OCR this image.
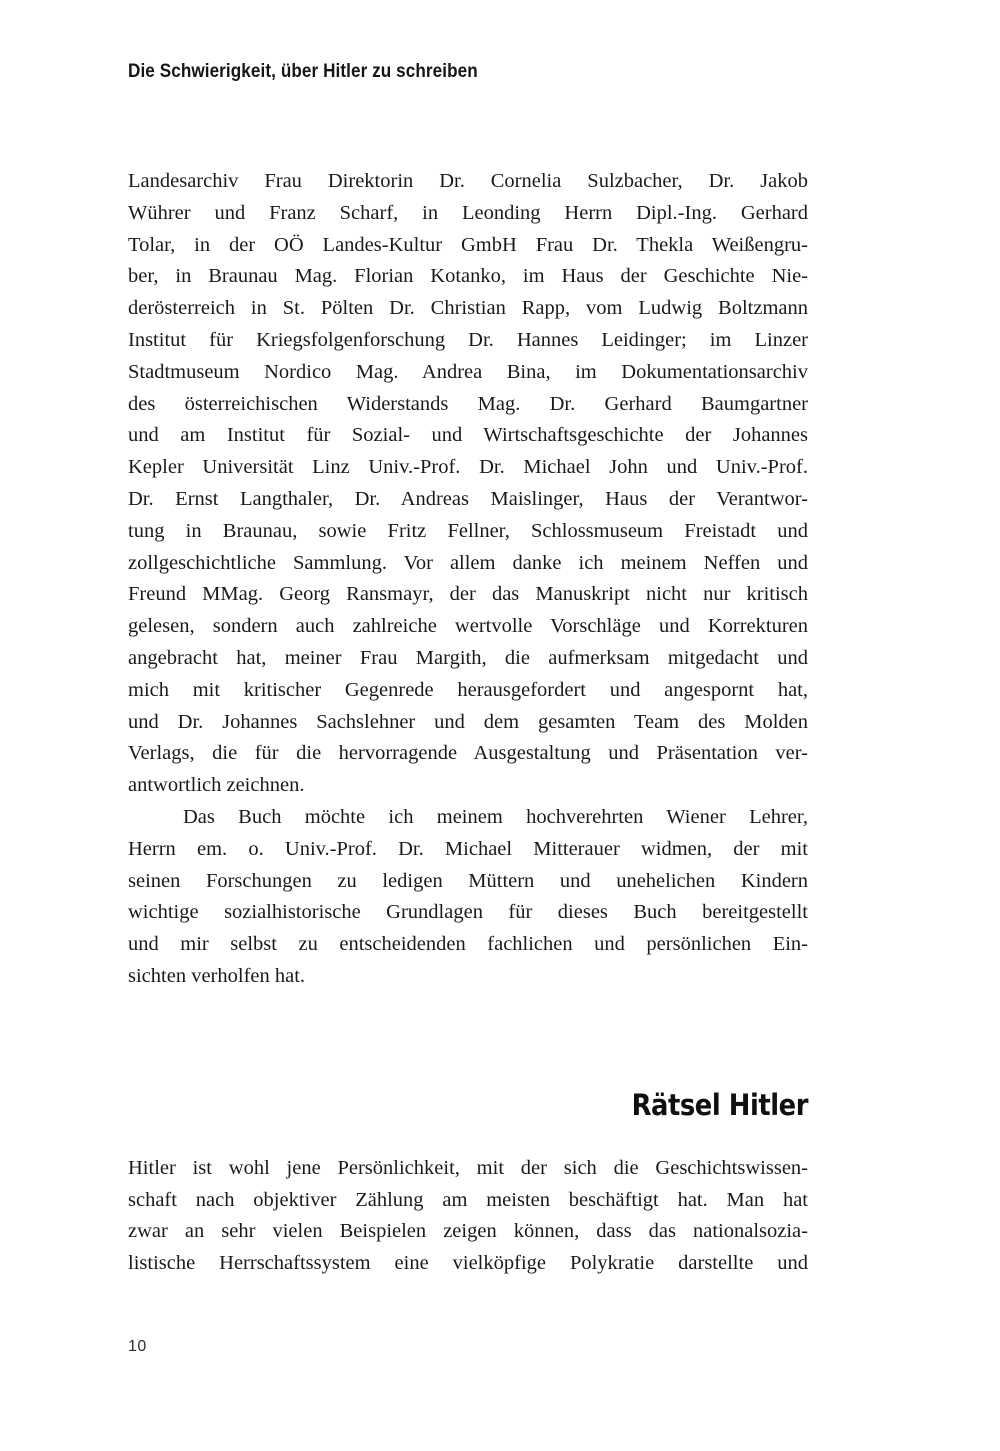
Die Schwierigkeit, über Hitler zu schreiben
Landesarchiv Frau Direktorin Dr. Cornelia Sulzbacher, Dr. Jakob
Wührer und Franz Scharf, in Leonding Herrn Dipl.-Ing. Gerhard
Tolar, in der OÖ Landes-Kultur GmbH Frau Dr. Thekla Weißengru-
ber, in Braunau Mag. Florian Kotanko, im Haus der Geschichte Nie-
derösterreich in St. Pölten Dr. Christian Rapp, vom Ludwig Boltzmann
Institut für Kriegsfolgenforschung Dr. Hannes Leidinger; im Linzer
Stadtmuseum Nordico Mag. Andrea Bina, im Dokumentationsarchiv
des österreichischen Widerstands Mag. Dr. Gerhard Baumgartner
und am Institut für Sozial- und Wirtschaftsgeschichte der Johannes
Kepler Universität Linz Univ.-Prof. Dr. Michael John und Univ.-Prof.
Dr. Ernst Langthaler, Dr. Andreas Maislinger, Haus der Verantwor-
tung in Braunau, sowie Fritz Fellner, Schlossmuseum Freistadt und
zollgeschichtliche Sammlung. Vor allem danke ich meinem Neffen und
Freund MMag. Georg Ransmayr, der das Manuskript nicht nur kritisch
gelesen, sondern auch zahlreiche wertvolle Vorschläge und Korrekturen
angebracht hat, meiner Frau Margith, die aufmerksam mitgedacht und
mich mit kritischer Gegenrede herausgefordert und angespornt hat,
und Dr. Johannes Sachslehner und dem gesamten Team des Molden
Verlags, die für die hervorragende Ausgestaltung und Präsentation ver-
antwortlich zeichnen.
Das Buch möchte ich meinem hochverehrten Wiener Lehrer,
Herrn em. o. Univ.-Prof. Dr. Michael Mitterauer widmen, der mit
seinen Forschungen zu ledigen Müttern und unehelichen Kindern
wichtige sozialhistorische Grundlagen für dieses Buch bereitgestellt
und mir selbst zu entscheidenden fachlichen und persönlichen Ein-
sichten verholfen hat.
Rätsel Hitler
Hitler ist wohl jene Persönlichkeit, mit der sich die Geschichtswissen-
schaft nach objektiver Zählung am meisten beschäftigt hat. Man hat
zwar an sehr vielen Beispielen zeigen können, dass das nationalsozia-
listische Herrschaftssystem eine vielköpfige Polykratie darstellte und
10
